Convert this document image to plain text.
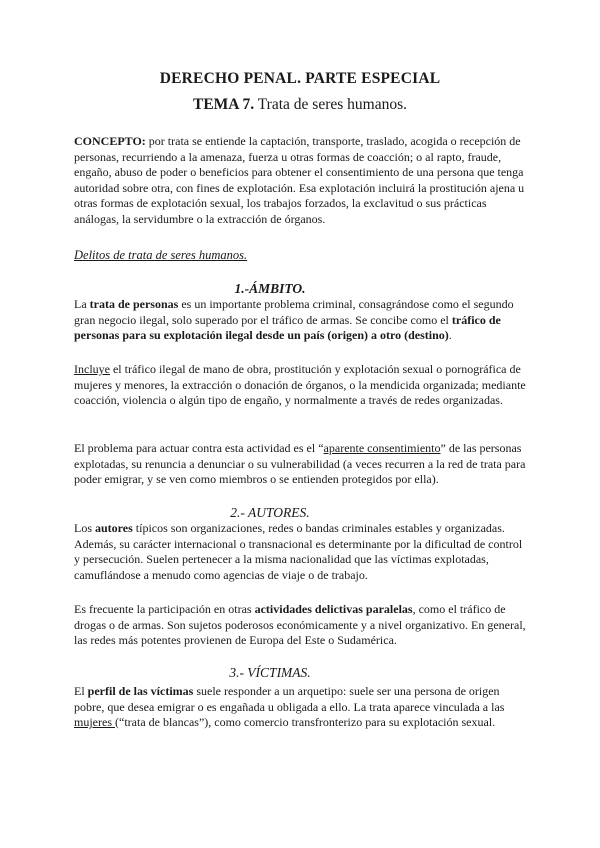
DERECHO PENAL. PARTE ESPECIAL
TEMA 7. Trata de seres humanos.

CONCEPTO: por trata se entiende la captación, transporte, traslado, acogida o recepción de personas, recurriendo a la amenaza, fuerza u otras formas de coacción; o al rapto, fraude, engaño, abuso de poder o beneficios para obtener el consentimiento de una persona que tenga autoridad sobre otra, con fines de explotación. Esa explotación incluirá la prostitución ajena u otras formas de explotación sexual, los trabajos forzados, la exclavitud o sus prácticas análogas, la servidumbre o la extracción de órganos.

Delitos de trata de seres humanos.
1.-ÁMBITO.

La trata de personas es un importante problema criminal, consagrándose como el segundo gran negocio ilegal, solo superado por el tráfico de armas. Se concibe como el tráfico de personas para su explotación ilegal desde un país (origen) a otro (destino).

Incluye el tráfico ilegal de mano de obra, prostitución y explotación sexual o pornográfica de mujeres y menores, la extracción o donación de órganos, o la mendicida organizada; mediante coacción, violencia o algún tipo de engaño, y normalmente a través de redes organizadas.

El problema para actuar contra esta actividad es el “aparente consentimiento” de las personas explotadas, su renuncia a denunciar o su vulnerabilidad (a veces recurren a la red de trata para poder emigrar, y se ven como miembros o se entienden protegidos por ella).

2.- AUTORES.

Los autores típicos son organizaciones, redes o bandas criminales estables y organizadas. Además, su carácter internacional o transnacional es determinante por la dificultad de control y persecución. Suelen pertenecer a la misma nacionalidad que las víctimas explotadas, camuflándose a menudo como agencias de viaje o de trabajo.

Es frecuente la participación en otras actividades delictivas paralelas, como el tráfico de drogas o de armas. Son sujetos poderosos económicamente y a nivel organizativo. En general, las redes más potentes provienen de Europa del Este o Sudamérica.

3.- VÍCTIMAS.

El perfil de las víctimas suele responder a un arquetipo: suele ser una persona de origen pobre, que desea emigrar o es engañada u obligada a ello. La trata aparece vinculada a las mujeres (“trata de blancas”), como comercio transfronterizo para su explotación sexual.
